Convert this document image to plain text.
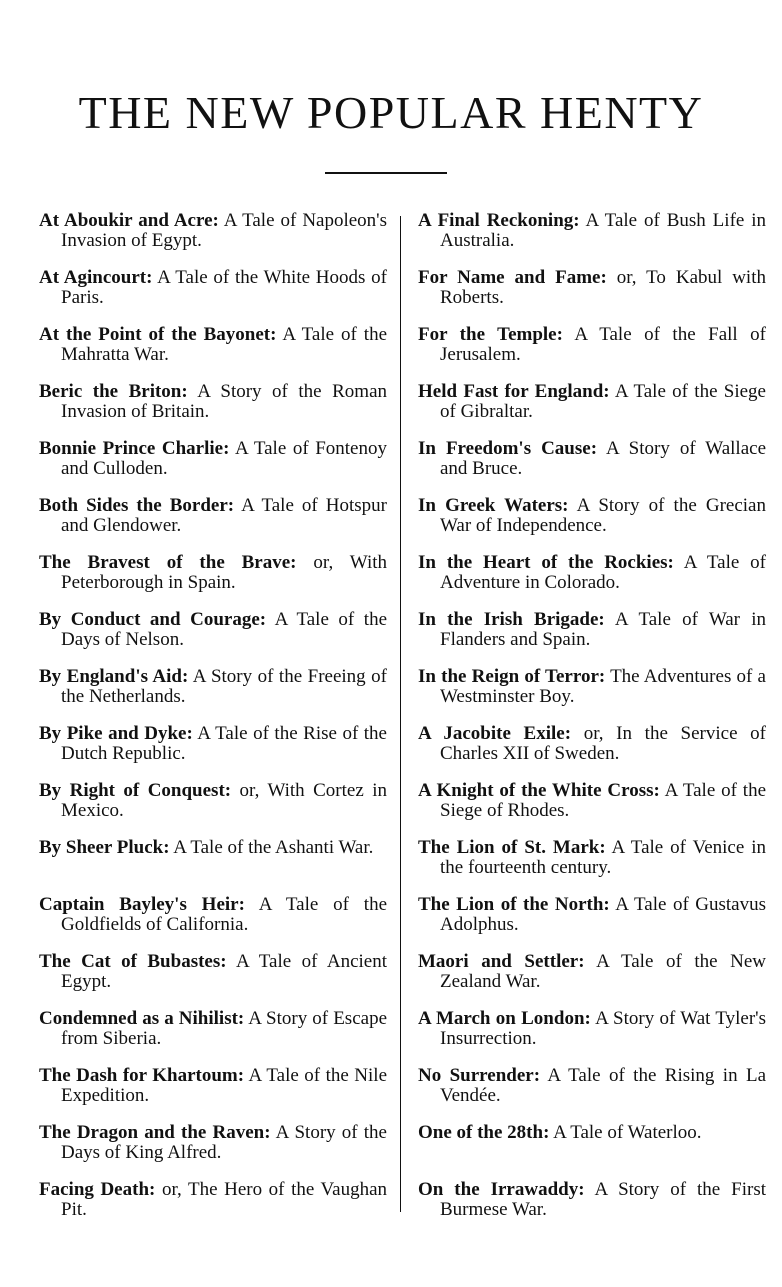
THE NEW POPULAR HENTY
At Aboukir and Acre: A Tale of Napoleon's Invasion of Egypt.
At Agincourt: A Tale of the White Hoods of Paris.
At the Point of the Bayonet: A Tale of the Mahratta War.
Beric the Briton: A Story of the Roman Invasion of Britain.
Bonnie Prince Charlie: A Tale of Fontenoy and Culloden.
Both Sides the Border: A Tale of Hotspur and Glendower.
The Bravest of the Brave: or, With Peterborough in Spain.
By Conduct and Courage: A Tale of the Days of Nelson.
By England's Aid: A Story of the Freeing of the Netherlands.
By Pike and Dyke: A Tale of the Rise of the Dutch Republic.
By Right of Conquest: or, With Cortez in Mexico.
By Sheer Pluck: A Tale of the Ashanti War.
Captain Bayley's Heir: A Tale of the Goldfields of California.
The Cat of Bubastes: A Tale of Ancient Egypt.
Condemned as a Nihilist: A Story of Escape from Siberia.
The Dash for Khartoum: A Tale of the Nile Expedition.
The Dragon and the Raven: A Story of the Days of King Alfred.
Facing Death: or, The Hero of the Vaughan Pit.
A Final Reckoning: A Tale of Bush Life in Australia.
For Name and Fame: or, To Kabul with Roberts.
For the Temple: A Tale of the Fall of Jerusalem.
Held Fast for England: A Tale of the Siege of Gibraltar.
In Freedom's Cause: A Story of Wallace and Bruce.
In Greek Waters: A Story of the Grecian War of Independence.
In the Heart of the Rockies: A Tale of Adventure in Colorado.
In the Irish Brigade: A Tale of War in Flanders and Spain.
In the Reign of Terror: The Adventures of a Westminster Boy.
A Jacobite Exile: or, In the Service of Charles XII of Sweden.
A Knight of the White Cross: A Tale of the Siege of Rhodes.
The Lion of St. Mark: A Tale of Venice in the fourteenth century.
The Lion of the North: A Tale of Gustavus Adolphus.
Maori and Settler: A Tale of the New Zealand War.
A March on London: A Story of Wat Tyler's Insurrection.
No Surrender: A Tale of the Rising in La Vendée.
One of the 28th: A Tale of Waterloo.
On the Irrawaddy: A Story of the First Burmese War.
